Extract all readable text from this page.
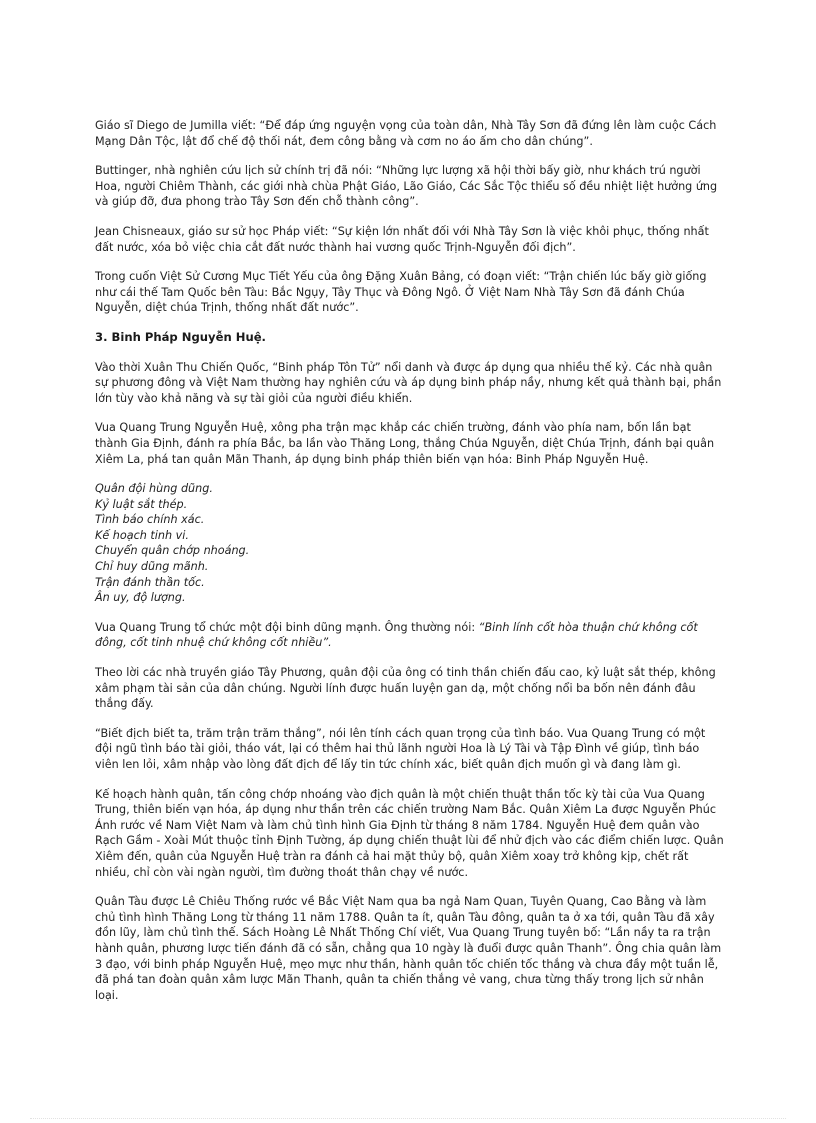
Giáo sĩ Diego de Jumilla viết: “Để đáp ứng nguyện vọng của toàn dân, Nhà Tây Sơn đã đứng lên làm cuộc Cách Mạng Dân Tộc, lật đổ chế độ thối nát, đem công bằng và cơm no áo ấm cho dân chúng”.

Buttinger, nhà nghiên cứu lịch sử chính trị đã nói: “Những lực lượng xã hội thời bấy giờ, như khách trú người Hoa, người Chiêm Thành, các giới nhà chùa Phật Giáo, Lão Giáo, Các Sắc Tộc thiểu số đều nhiệt liệt hưởng ứng và giúp đỡ, đưa phong trào Tây Sơn đến chỗ thành công”.

Jean Chisneaux, giáo sư sử học Pháp viết: “Sự kiện lớn nhất đối với Nhà Tây Sơn là việc khôi phục, thống nhất đất nước, xóa bỏ việc chia cắt đất nước thành hai vương quốc Trịnh-Nguyễn đối địch”.

Trong cuốn Việt Sử Cương Mục Tiết Yếu của ông Đặng Xuân Bảng, có đoạn viết: “Trận chiến lúc bấy giờ giống như cái thế Tam Quốc bên Tàu: Bắc Ngụy, Tây Thục và Đông Ngô. Ở Việt Nam Nhà Tây Sơn đã đánh Chúa Nguyễn, diệt chúa Trịnh, thống nhất đất nước”.

3. Binh Pháp Nguyễn Huệ.

Vào thời Xuân Thu Chiến Quốc, “Binh pháp Tôn Tử” nổi danh và được áp dụng qua nhiều thế kỷ. Các nhà quân sự phương đông và Việt Nam thường hay nghiên cứu và áp dụng binh pháp nầy, nhưng kết quả thành bại, phần lớn tùy vào khả năng và sự tài giỏi của người điều khiển.

Vua Quang Trung Nguyễn Huệ, xông pha trận mạc khắp các chiến trường, đánh vào phía nam, bốn lần bạt thành Gia Định, đánh ra phía Bắc, ba lần vào Thăng Long, thắng Chúa Nguyễn, diệt Chúa Trịnh, đánh bại quân Xiêm La, phá tan quân Mãn Thanh, áp dụng binh pháp thiên biến vạn hóa: Binh Pháp Nguyễn Huệ.

Quân đội hùng dũng.
Kỷ luật sắt thép.
Tình báo chính xác.
Kế hoạch tinh vi.
Chuyển quân chớp nhoáng.
Chỉ huy dũng mãnh.
Trận đánh thần tốc.
Ân uy, độ lượng.

Vua Quang Trung tổ chức một đội binh dũng mạnh. Ông thường nói: “Binh lính cốt hòa thuận chứ không cốt đông, cốt tinh nhuệ chứ không cốt nhiều”.

Theo lời các nhà truyền giáo Tây Phương, quân đội của ông có tinh thần chiến đấu cao, kỷ luật sắt thép, không xâm phạm tài sản của dân chúng. Người lính được huấn luyện gan dạ, một chống nổi ba bốn nên đánh đâu thắng đấy.

“Biết địch biết ta, trăm trận trăm thắng”, nói lên tính cách quan trọng của tình báo. Vua Quang Trung có một đội ngũ tình báo tài giỏi, tháo vát, lại có thêm hai thủ lãnh người Hoa là Lý Tài và Tập Đình về giúp, tình báo viên len lỏi, xâm nhập vào lòng đất địch để lấy tin tức chính xác, biết quân địch muốn gì và đang làm gì.

Kế hoạch hành quân, tấn công chớp nhoáng vào địch quân là một chiến thuật thần tốc kỳ tài của Vua Quang Trung, thiên biến vạn hóa, áp dụng như thần trên các chiến trường Nam Bắc. Quân Xiêm La được Nguyễn Phúc Ánh rước về Nam Việt Nam và làm chủ tình hình Gia Định từ tháng 8 năm 1784. Nguyễn Huệ đem quân vào Rạch Gầm - Xoài Mút thuộc tỉnh Định Tường, áp dụng chiến thuật lùi để nhử địch vào các điểm chiến lược. Quân Xiêm đến, quân của Nguyễn Huệ tràn ra đánh cả hai mặt thủy bộ, quân Xiêm xoay trở không kịp, chết rất nhiều, chỉ còn vài ngàn người, tìm đường thoát thân chạy về nước.

Quân Tàu được Lê Chiêu Thống rước về Bắc Việt Nam qua ba ngả Nam Quan, Tuyên Quang, Cao Bằng và làm chủ tình hình Thăng Long từ tháng 11 năm 1788. Quân ta ít, quân Tàu đông, quân ta ở xa tới, quân Tàu đã xây đồn lũy, làm chủ tình thế. Sách Hoàng Lê Nhất Thống Chí viết, Vua Quang Trung tuyên bố: “Lần nầy ta ra trận hành quân, phương lược tiến đánh đã có sẵn, chẳng qua 10 ngày là đuổi được quân Thanh”. Ông chia quân làm 3 đạo, với binh pháp Nguyễn Huệ, mẹo mực như thần, hành quân tốc chiến tốc thắng và chưa đầy một tuần lễ, đã phá tan đoàn quân xâm lược Mãn Thanh, quân ta chiến thắng vẻ vang, chưa từng thấy trong lịch sử nhân loại.
